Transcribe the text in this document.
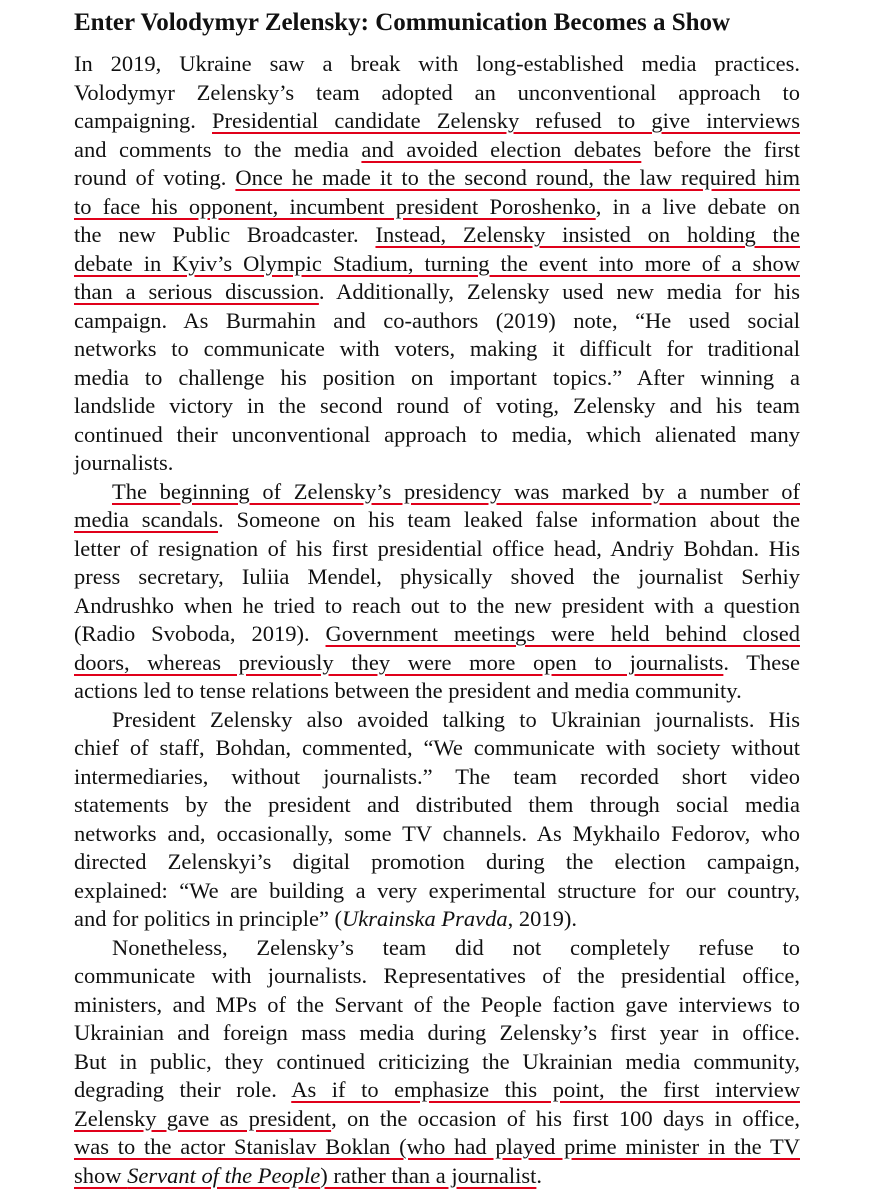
Enter Volodymyr Zelensky: Communication Becomes a Show
In 2019, Ukraine saw a break with long-established media practices.
Volodymyr Zelensky’s team adopted an unconventional approach to
campaigning. Presidential candidate Zelensky refused to give interviews
and comments to the media and avoided election debates before the first
round of voting. Once he made it to the second round, the law required him
to face his opponent, incumbent president Poroshenko, in a live debate on
the new Public Broadcaster. Instead, Zelensky insisted on holding the
debate in Kyiv’s Olympic Stadium, turning the event into more of a show
than a serious discussion. Additionally, Zelensky used new media for his
campaign. As Burmahin and co-authors (2019) note, “He used social
networks to communicate with voters, making it difficult for traditional
media to challenge his position on important topics.” After winning a
landslide victory in the second round of voting, Zelensky and his team
continued their unconventional approach to media, which alienated many
journalists.
The beginning of Zelensky’s presidency was marked by a number of
media scandals. Someone on his team leaked false information about the
letter of resignation of his first presidential office head, Andriy Bohdan. His
press secretary, Iuliia Mendel, physically shoved the journalist Serhiy
Andrushko when he tried to reach out to the new president with a question
(Radio Svoboda, 2019). Government meetings were held behind closed
doors, whereas previously they were more open to journalists. These
actions led to tense relations between the president and media community.
President Zelensky also avoided talking to Ukrainian journalists. His
chief of staff, Bohdan, commented, “We communicate with society without
intermediaries, without journalists.” The team recorded short video
statements by the president and distributed them through social media
networks and, occasionally, some TV channels. As Mykhailo Fedorov, who
directed Zelenskyi’s digital promotion during the election campaign,
explained: “We are building a very experimental structure for our country,
and for politics in principle” (Ukrainska Pravda, 2019).
Nonetheless, Zelensky’s team did not completely refuse to
communicate with journalists. Representatives of the presidential office,
ministers, and MPs of the Servant of the People faction gave interviews to
Ukrainian and foreign mass media during Zelensky’s first year in office.
But in public, they continued criticizing the Ukrainian media community,
degrading their role. As if to emphasize this point, the first interview
Zelensky gave as president, on the occasion of his first 100 days in office,
was to the actor Stanislav Boklan (who had played prime minister in the TV
show Servant of the People) rather than a journalist.
